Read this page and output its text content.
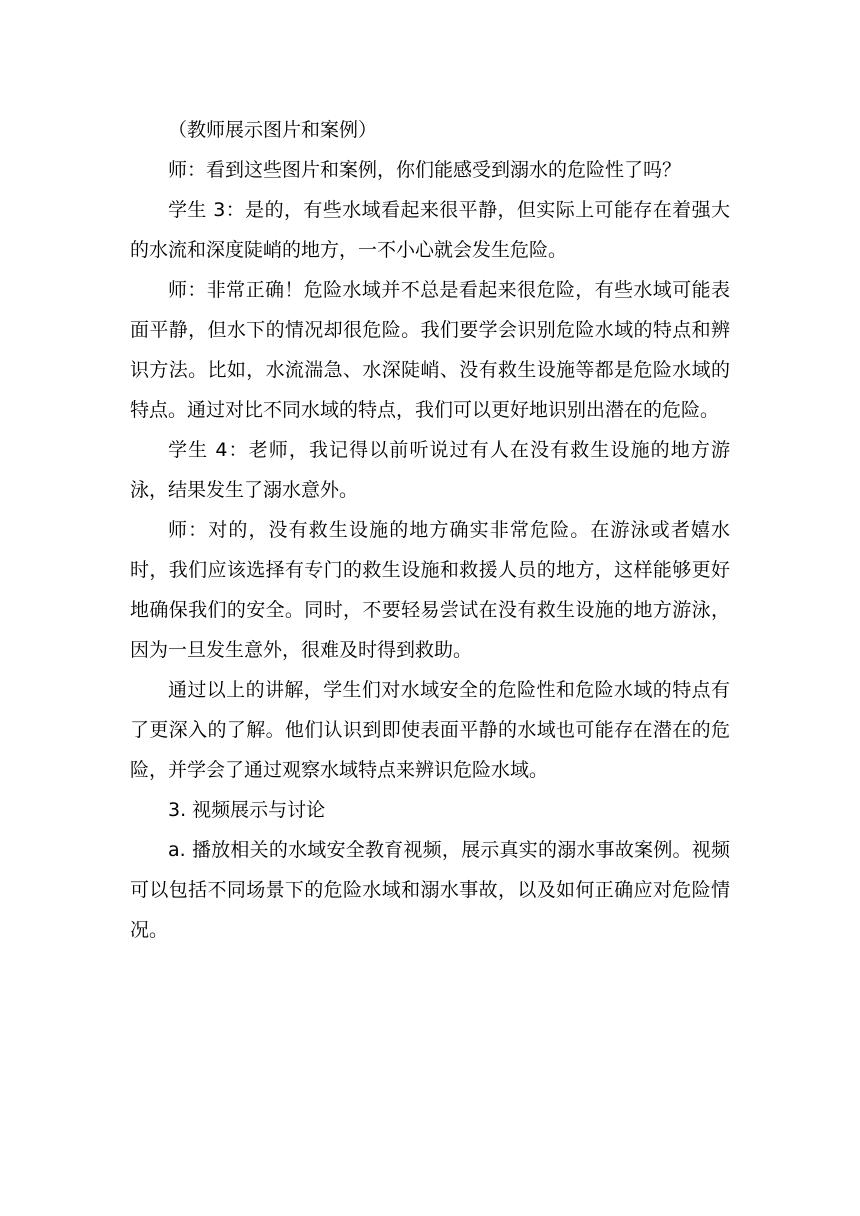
（教师展示图片和案例）

师：看到这些图片和案例，你们能感受到溺水的危险性了吗？

学生 3：是的，有些水域看起来很平静，但实际上可能存在着强大的水流和深度陡峭的地方，一不小心就会发生危险。

师：非常正确！危险水域并不总是看起来很危险，有些水域可能表面平静，但水下的情况却很危险。我们要学会识别危险水域的特点和辨识方法。比如，水流湍急、水深陡峭、没有救生设施等都是危险水域的特点。通过对比不同水域的特点，我们可以更好地识别出潜在的危险。

学生 4：老师，我记得以前听说过有人在没有救生设施的地方游泳，结果发生了溺水意外。

师：对的，没有救生设施的地方确实非常危险。在游泳或者嬉水时，我们应该选择有专门的救生设施和救援人员的地方，这样能够更好地确保我们的安全。同时，不要轻易尝试在没有救生设施的地方游泳，因为一旦发生意外，很难及时得到救助。

通过以上的讲解，学生们对水域安全的危险性和危险水域的特点有了更深入的了解。他们认识到即使表面平静的水域也可能存在潜在的危险，并学会了通过观察水域特点来辨识危险水域。

3. 视频展示与讨论

a. 播放相关的水域安全教育视频，展示真实的溺水事故案例。视频可以包括不同场景下的危险水域和溺水事故，以及如何正确应对危险情况。
